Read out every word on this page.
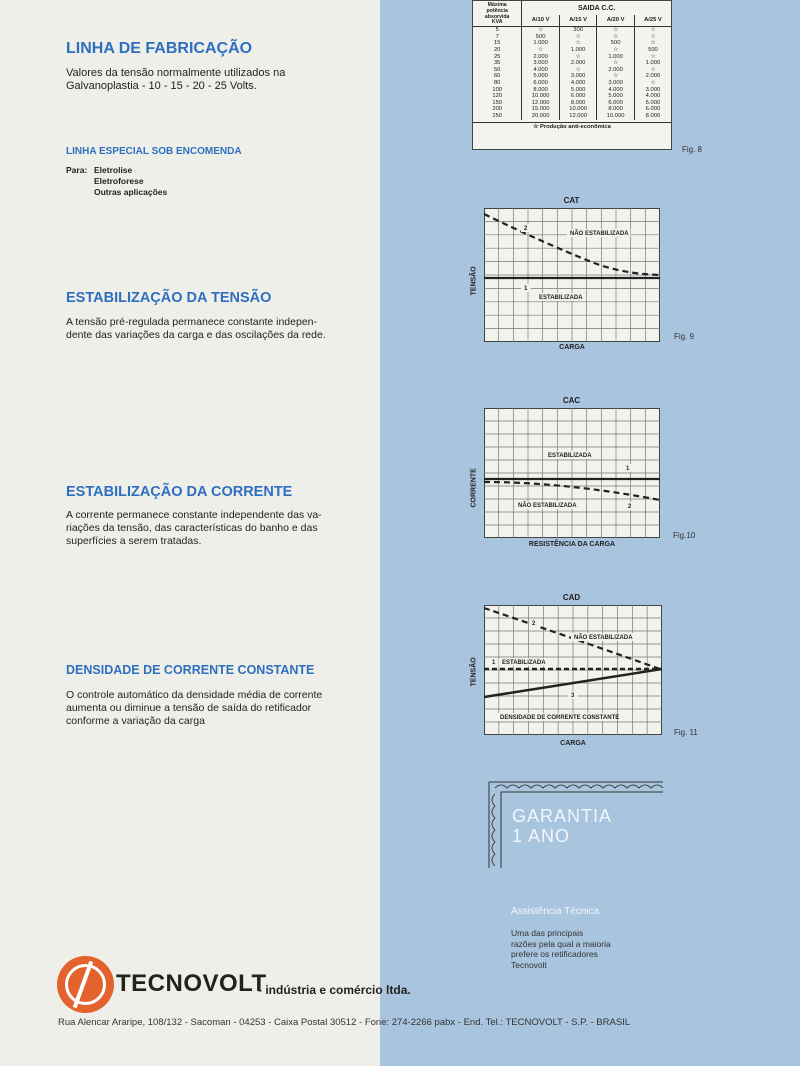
LINHA DE FABRICAÇÃO

Valores da tensão normalmente utilizados na

Galvanoplastia - 10 - 15 - 20 - 25 Volts.

LINHA ESPECIAL SOB ENCOMENDA
Para: Eletrolise
Eletroforese
Outras aplicações
ESTABILIZAÇÃO DA TENSÃO

A tensão pré-regulada permanece constante indepen-

dente das variações da carga e das oscilações da rede.

ESTABILIZAÇÃO DA CORRENTE

A corrente permanece constante independente das va-

riações da tensão, das características do banho e das

superfícies a serem tratadas.

DENSIDADE DE CORRENTE CONSTANTE

O controle automático da densidade média de corrente

aumenta ou diminue a tensão de saída do retificador

conforme a variação da carga

Máxima
potência
absorvida
KVA	SAIDA C.C.			
	A/10 V	A/15 V	A/20 V	A/25 V
5	☆	300	☆	☆
7	500	☆	☆	☆
15	1.000	☆	500	☆
20	☆	1.000	☆	500
25	2.000	☆	1.000	☆
35	3.000	2.000	☆	1.000
50	4.000	☆	2.000	☆
60	5.000	3.000	☆	2.000
80	6.000	4.000	3.000	☆
100	8.000	5.000	4.000	3.000
120	10.000	6.000	5.000	4.000
150	12.000	8.000	6.000	5.000
200	15.000	10.000	8.000	6.000
250	20.000	12.000	10.000	8.000
☆ Produção anti-econômica
Fig. 8
CAT
TENSÃO
NÃO ESTABILIZADA
ESTABILIZADA
2
1
CARGA
Fig. 9
CAC
CORRENTE
ESTABILIZADA
NÃO ESTABILIZADA
1
2
RESISTÊNCIA DA CARGA
Fig.10
CAD
TENSÃO
NÃO ESTABILIZADA
ESTABILIZADA
DENSIDADE DE CORRENTE CONSTANTE
2
1
3
CARGA
Fig. 11
GARANTIA
1 ANO
Assistência Técnica
Uma das principais
razões pela qual a maioria
prefere os retificadores
Tecnovolt
TECNOVOLT
- indústria e comércio ltda.
Rua Alencar Araripe, 108/132 - Sacoman - 04253 - Caixa Postal 30512 - Fone: 274-2266 pabx - End. Tel.: TECNOVOLT - S.P. - BRASIL
